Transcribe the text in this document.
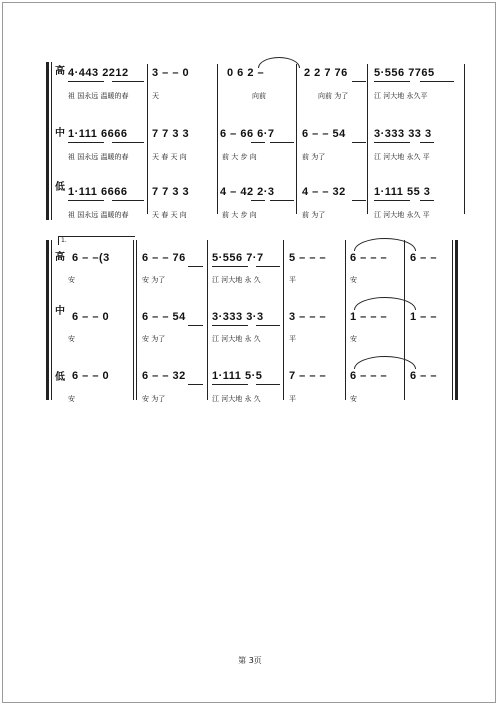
高
中
低
4·443 2212 3 – – 0	0 6 2 –	2 2 7 76 5·556 7765
祖 国永远 温暖的春	天	向前	向前 为了	江 河大地 永久平
1·111 6666 7 7 3 3	6 – 66 6·7 6 – – 54	3·333 33 3
祖 国永远 温暖的春	天 春 天 向	前 大 步 向	前 为了	江 河大地 永久 平
1·111 6666 7 7 3 3	4 – 42 2·3 4 – – 32	1·111 55 3
祖 国永远 温暖的春	天 春 天 向	前 大 步 向	前 为了	江 河大地 永久 平
1.
高
中
低
6 – –(3	6 – – 76 5·556 7·7 5 – – – 6 – – – 6 – –
安	安 为了	江 河大地 永 久	平	安
6 – – 0	6 – – 54 3·333 3·3 3 – – – 1 – – – 1 – –
安	安 为了	江 河大地 永 久	平	安
6 – – 0	6 – – 32 1·111 5·5 7 – – – 6 – – – 6 – –
安	安 为了	江 河大地 永 久	平	安
第 3页
